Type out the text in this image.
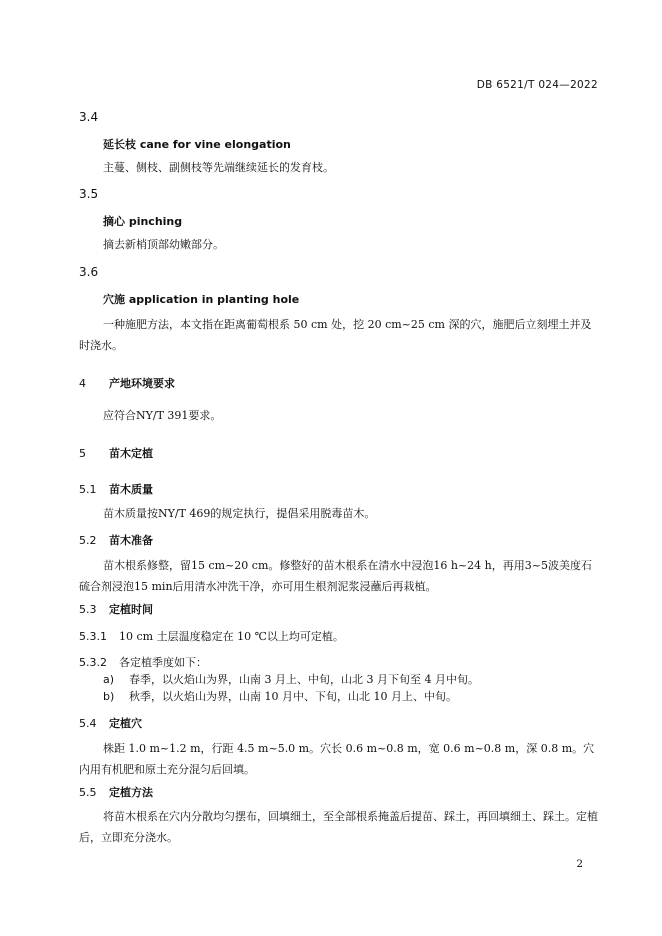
DB 6521/T 024—2022
3.4
延长枝 cane for vine elongation
主蔓、侧枝、副侧枝等先端继续延长的发育枝。
3.5
摘心 pinching
摘去新梢顶部幼嫩部分。
3.6
穴施 application in planting hole
一种施肥方法，本文指在距离葡萄根系 50 cm 处，挖 20 cm~25 cm 深的穴，施肥后立刻埋土并及时浇水。
4 产地环境要求
应符合NY/T 391要求。
5 苗木定植
5.1 苗木质量
苗木质量按NY/T 469的规定执行，提倡采用脱毒苗木。
5.2 苗木准备
苗木根系修整，留15 cm~20 cm。修整好的苗木根系在清水中浸泡16 h~24 h，再用3~5波美度石硫合剂浸泡15 min后用清水冲洗干净，亦可用生根剂泥浆浸蘸后再栽植。
5.3 定植时间
5.3.1 10 cm 土层温度稳定在 10 ℃以上均可定植。
5.3.2 各定植季度如下：
a) 春季，以火焰山为界，山南 3 月上、中旬，山北 3 月下旬至 4 月中旬。
b) 秋季，以火焰山为界，山南 10 月中、下旬，山北 10 月上、中旬。
5.4 定植穴
株距 1.0 m~1.2 m，行距 4.5 m~5.0 m。穴长 0.6 m~0.8 m，宽 0.6 m~0.8 m，深 0.8 m。穴内用有机肥和原土充分混匀后回填。
5.5 定植方法
将苗木根系在穴内分散均匀摆布，回填细土，至全部根系掩盖后提苗、踩土，再回填细土、踩土。定植后，立即充分浇水。
2
